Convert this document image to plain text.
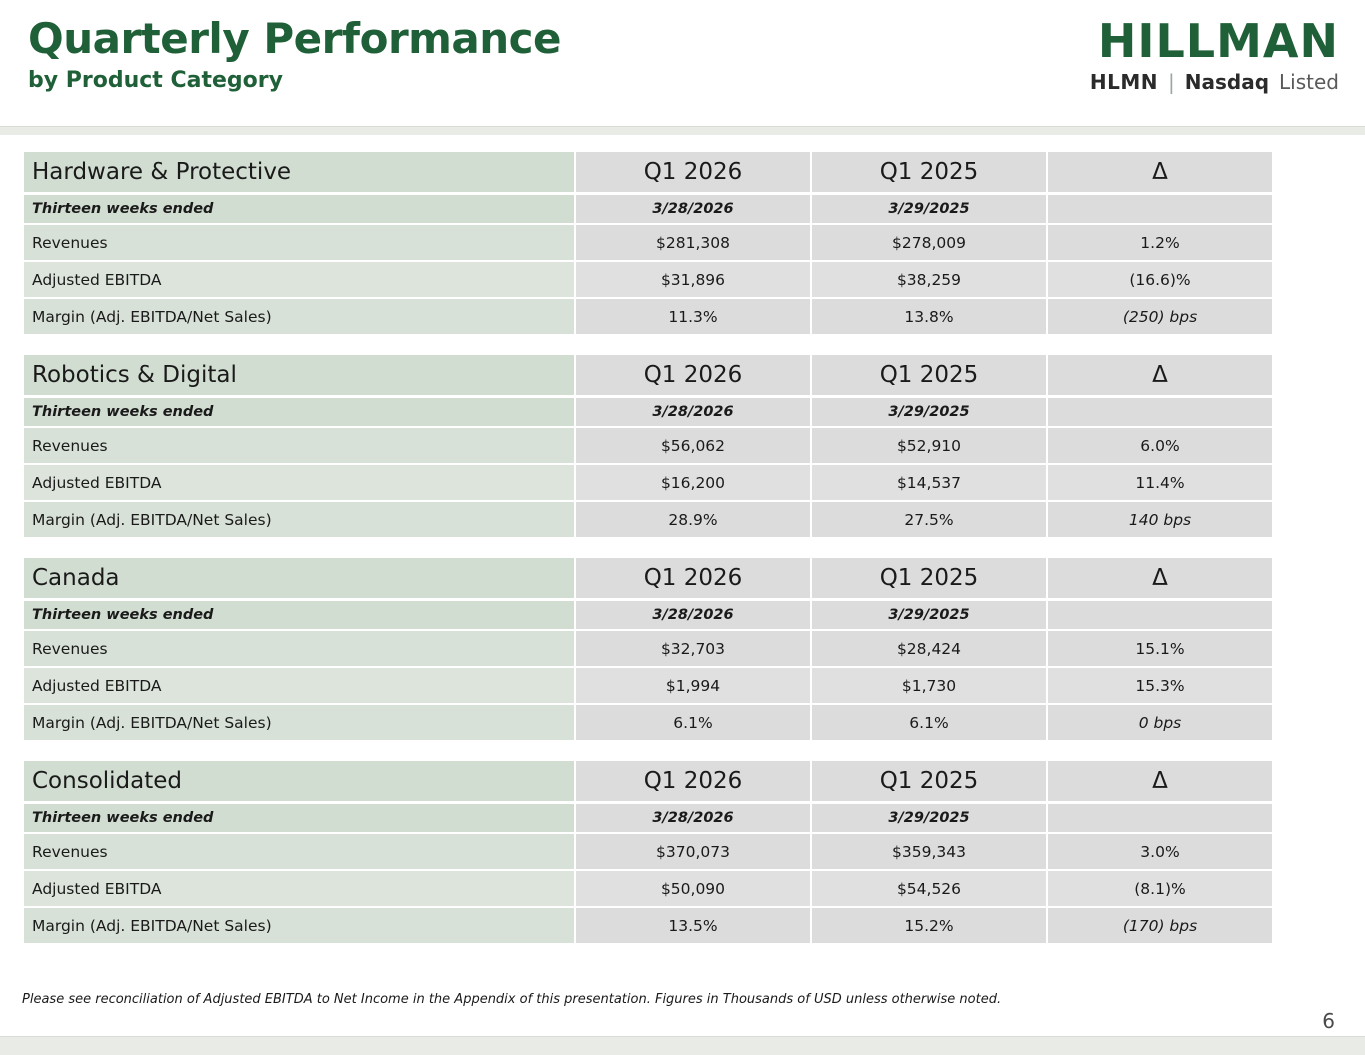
Quarterly Performance
by Product Category
HILLMAN
HLMN | Nasdaq Listed
Hardware & Protective	Q1 2026	Q1 2025	Δ
Thirteen weeks ended	3/28/2026	3/29/2025
Revenues	$281,308	$278,009	1.2%
Adjusted EBITDA	$31,896	$38,259	(16.6)%
Margin (Adj. EBITDA/Net Sales)	11.3%	13.8%	(250) bps
Robotics & Digital	Q1 2026	Q1 2025	Δ
Thirteen weeks ended	3/28/2026	3/29/2025
Revenues	$56,062	$52,910	6.0%
Adjusted EBITDA	$16,200	$14,537	11.4%
Margin (Adj. EBITDA/Net Sales)	28.9%	27.5%	140 bps
Canada	Q1 2026	Q1 2025	Δ
Thirteen weeks ended	3/28/2026	3/29/2025
Revenues	$32,703	$28,424	15.1%
Adjusted EBITDA	$1,994	$1,730	15.3%
Margin (Adj. EBITDA/Net Sales)	6.1%	6.1%	0 bps
Consolidated	Q1 2026	Q1 2025	Δ
Thirteen weeks ended	3/28/2026	3/29/2025
Revenues	$370,073	$359,343	3.0%
Adjusted EBITDA	$50,090	$54,526	(8.1)%
Margin (Adj. EBITDA/Net Sales)	13.5%	15.2%	(170) bps
Please see reconciliation of Adjusted EBITDA to Net Income in the Appendix of this presentation. Figures in Thousands of USD unless otherwise noted.
6
